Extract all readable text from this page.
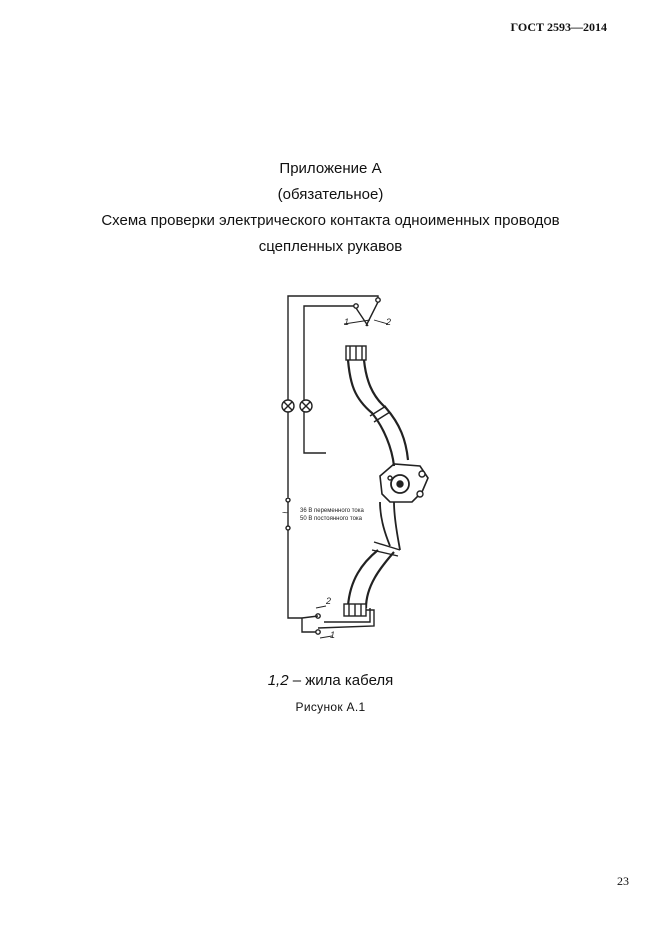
ГОСТ 2593—2014
Приложение А
(обязательное)
Схема проверки электрического контакта одноименных проводов
сцепленных рукавов
1	2
2
1
~ 36 В переменного тока
50 В постоянного тока
1,2 – жила кабеля
Рисунок А.1
23
